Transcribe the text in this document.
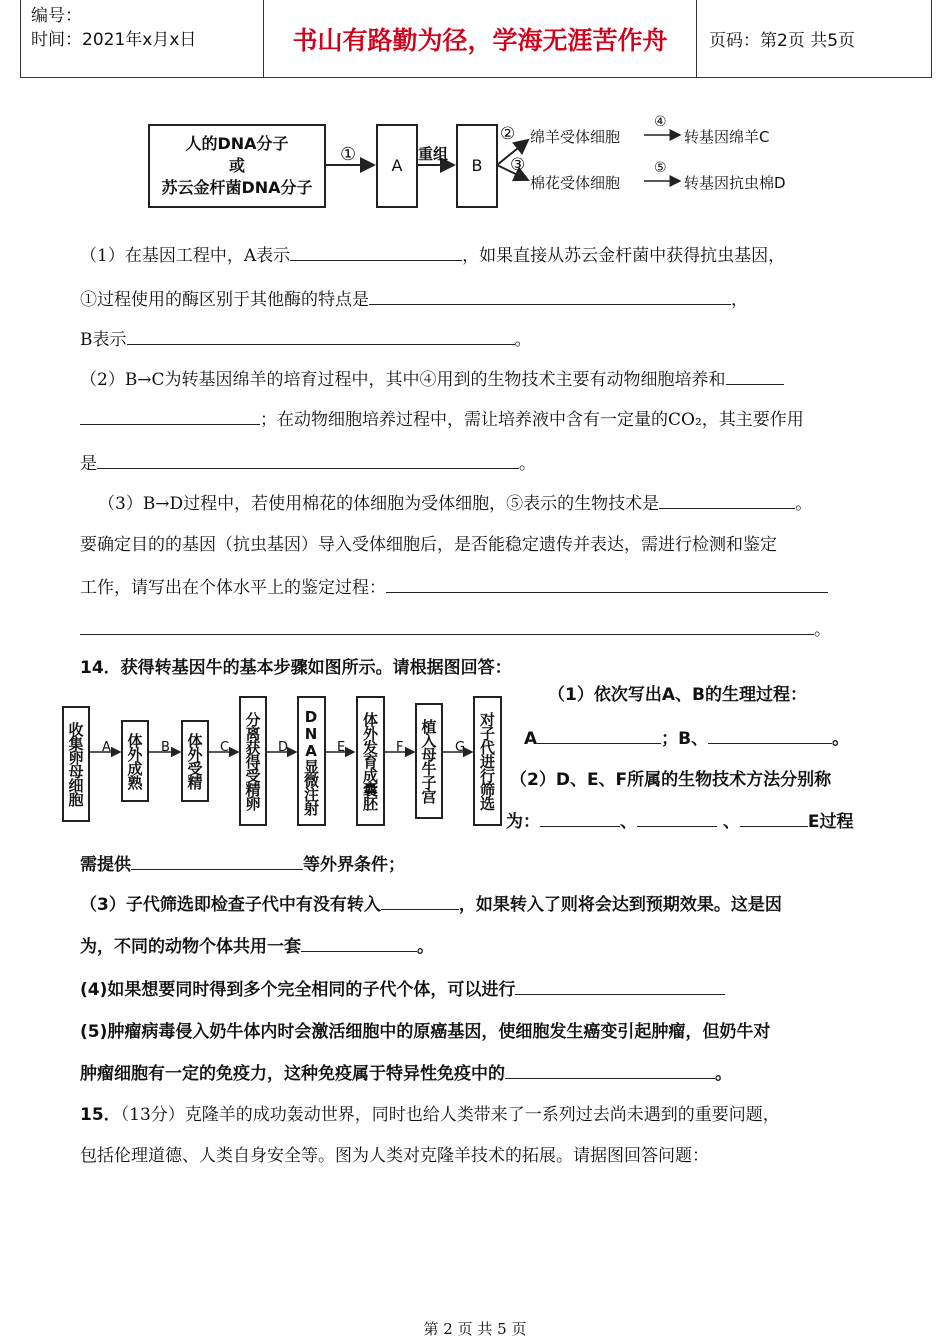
编号：
时间：2021年x月x日	书山有路勤为径，学海无涯苦作舟	页码：第2页 共5页
人的DNA分子
或
苏云金杆菌DNA分子
①
A
重组
B
②
③
绵羊受体细胞
棉花受体细胞
④
⑤
转基因绵羊C
转基因抗虫棉D
（1）在基因工程中，A表示	，如果直接从苏云金杆菌中获得抗虫基因，
①过程使用的酶区别于其他酶的特点是	，
B表示	。
（2）B→C为转基因绵羊的培育过程中，其中④用到的生物技术主要有动物细胞培养和
；在动物细胞培养过程中，需让培养液中含有一定量的CO₂，其主要作用
是	。
（3）B→D过程中，若使用棉花的体细胞为受体细胞，⑤表示的生物技术是	。
要确定目的的基因（抗虫基因）导入受体细胞后，是否能稳定遗传并表达，需进行检测和鉴定
工作，请写出在个体水平上的鉴定过程：
。
14．获得转基因牛的基本步骤如图所示。请根据图回答：
收集卵母细胞	体外成熟	体外受精	分离获得受精卵	DNA显微注射	体外发育成囊胚	植入母牛子宫	对子代进行筛选
A	B	C	D	E	F	G
（1）依次写出A、B的生理过程：
A	；B、	。
（2）D、E、F所属的生物技术方法分别称
为：	、	、	E过程
需提供	等外界条件；
（3）子代筛选即检查子代中有没有转入	，如果转入了则将会达到预期效果。这是因
为，不同的动物个体共用一套	。
(4)如果想要同时得到多个完全相同的子代个体，可以进行
(5)肿瘤病毒侵入奶牛体内时会激活细胞中的原癌基因，使细胞发生癌变引起肿瘤，但奶牛对
肿瘤细胞有一定的免疫力，这种免疫属于特异性免疫中的	。
15．（13分）克隆羊的成功轰动世界，同时也给人类带来了一系列过去尚未遇到的重要问题，
包括伦理道德、人类自身安全等。图为人类对克隆羊技术的拓展。请据图回答问题：
第 2 页 共 5 页
